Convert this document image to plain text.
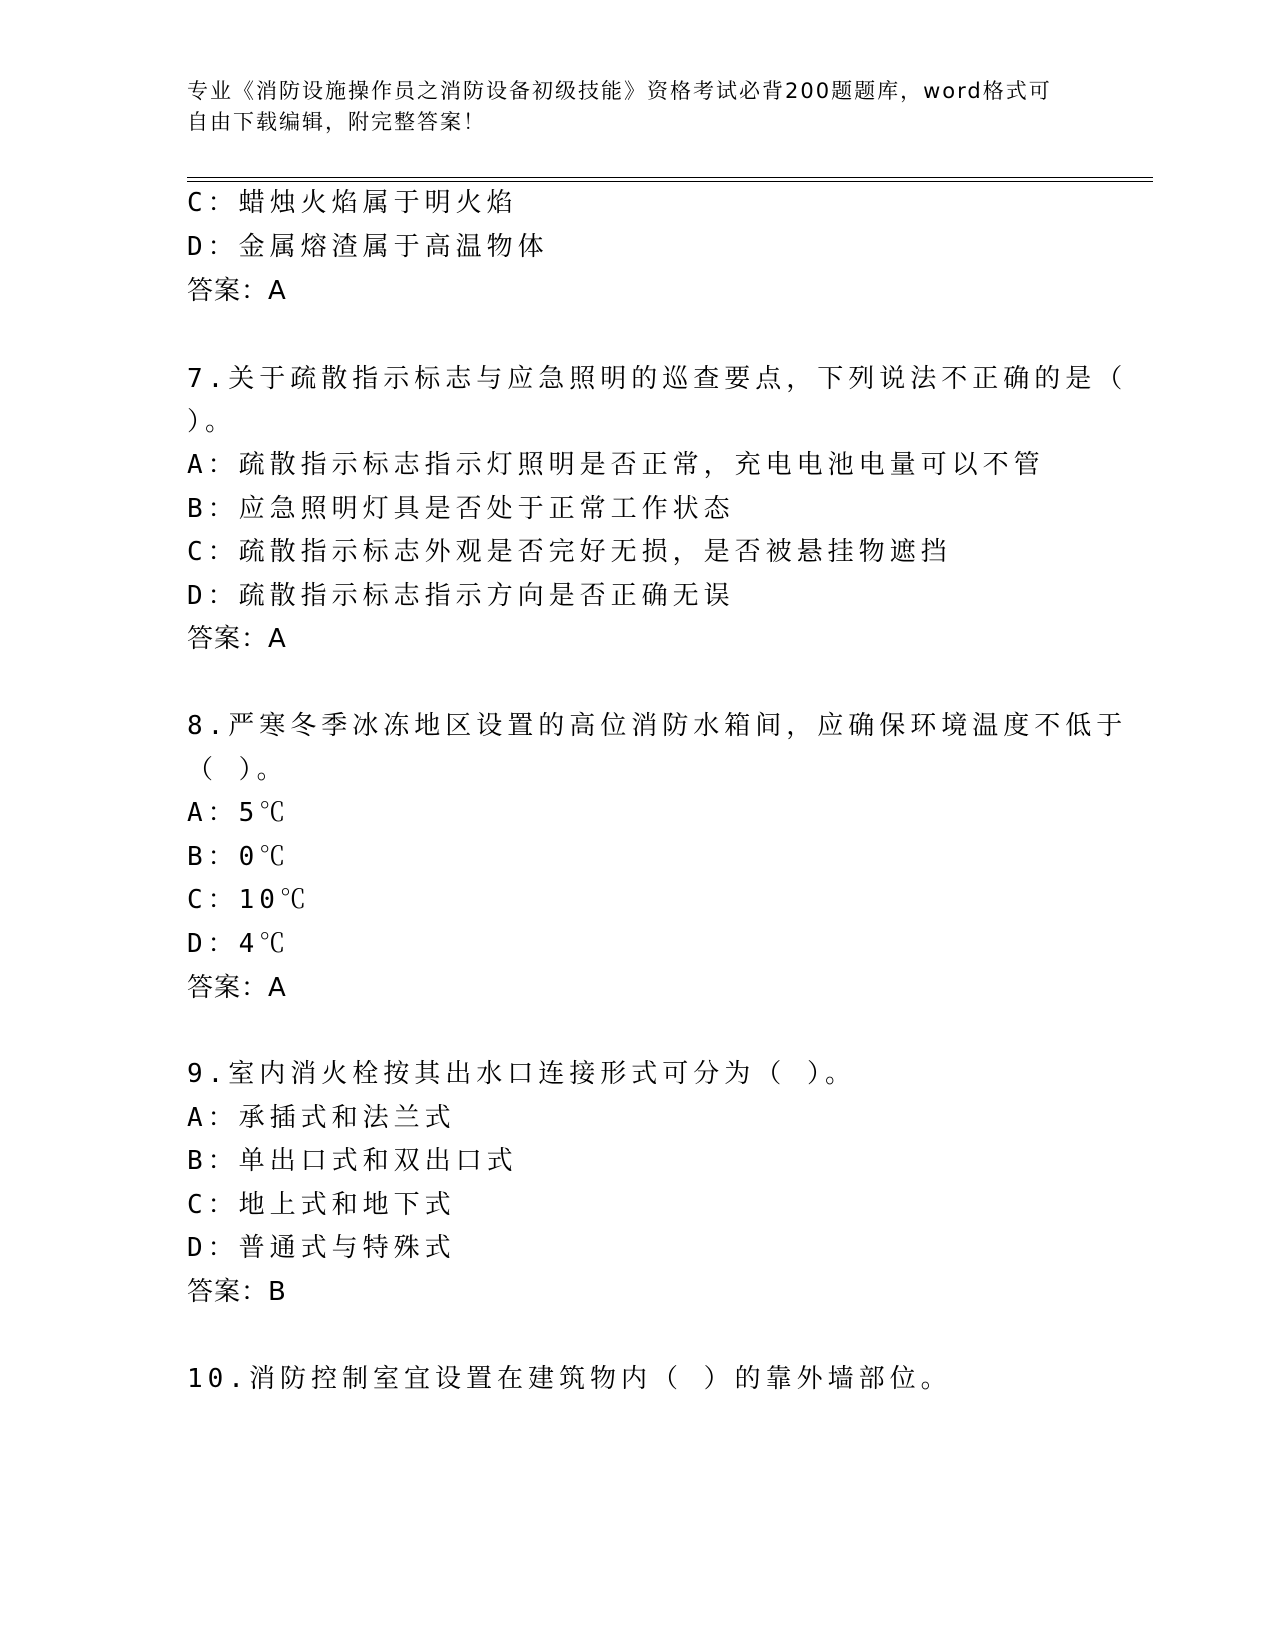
专业《消防设施操作员之消防设备初级技能》资格考试必背200题题库，word格式可自由下载编辑，附完整答案！
C：蜡烛火焰属于明火焰
D：金属熔渣属于高温物体
答案：A
7.关于疏散指示标志与应急照明的巡查要点，下列说法不正确的是（
）。
A：疏散指示标志指示灯照明是否正常，充电电池电量可以不管
B：应急照明灯具是否处于正常工作状态
C：疏散指示标志外观是否完好无损，是否被悬挂物遮挡
D：疏散指示标志指示方向是否正确无误
答案：A
8.严寒冬季冰冻地区设置的高位消防水箱间，应确保环境温度不低于
（ ）。
A：5℃
B：0℃
C：10℃
D：4℃
答案：A
9.室内消火栓按其出水口连接形式可分为（ ）。
A：承插式和法兰式
B：单出口式和双出口式
C：地上式和地下式
D：普通式与特殊式
答案：B
10.消防控制室宜设置在建筑物内（ ）的靠外墙部位。
